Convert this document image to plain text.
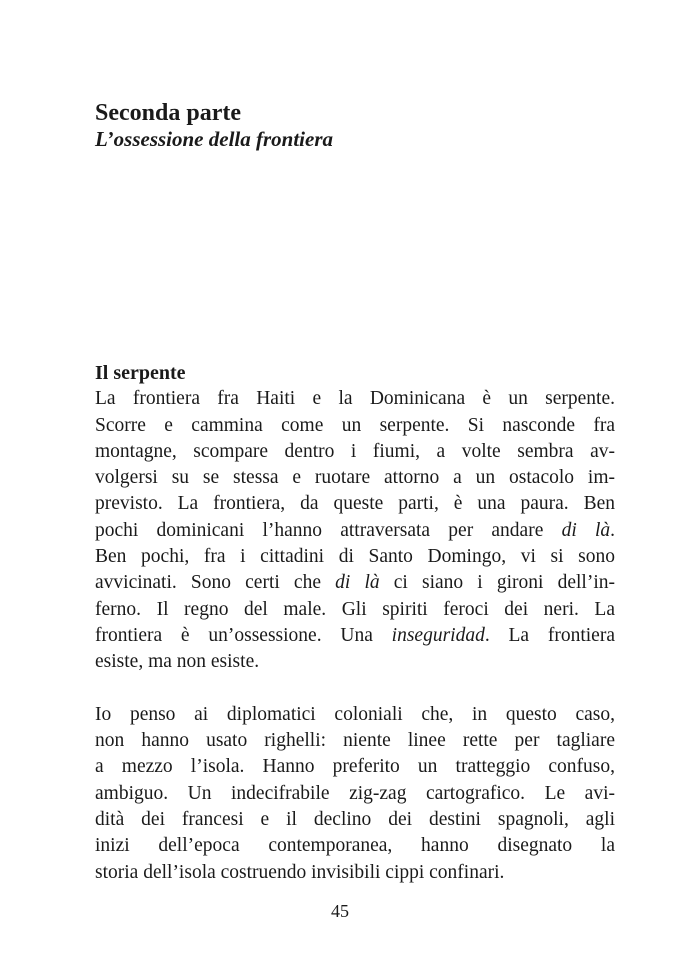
Seconda parte
L’ossessione della frontiera
Il serpente

La frontiera fra Haiti e la Dominicana è un serpente.
Scorre e cammina come un serpente. Si nasconde fra
montagne, scompare dentro i fiumi, a volte sembra av-
volgersi su se stessa e ruotare attorno a un ostacolo im-
previsto. La frontiera, da queste parti, è una paura. Ben
pochi dominicani l’hanno attraversata per andare di là.
Ben pochi, fra i cittadini di Santo Domingo, vi si sono
avvicinati. Sono certi che di là ci siano i gironi dell’in-
ferno. Il regno del male. Gli spiriti feroci dei neri. La
frontiera è un’ossessione. Una inseguridad. La frontiera
esiste, ma non esiste.

Io penso ai diplomatici coloniali che, in questo caso,
non hanno usato righelli: niente linee rette per tagliare
a mezzo l’isola. Hanno preferito un tratteggio confuso,
ambiguo. Un indecifrabile zig-zag cartografico. Le avi-
dità dei francesi e il declino dei destini spagnoli, agli
inizi dell’epoca contemporanea, hanno disegnato la
storia dell’isola costruendo invisibili cippi confinari.

45
